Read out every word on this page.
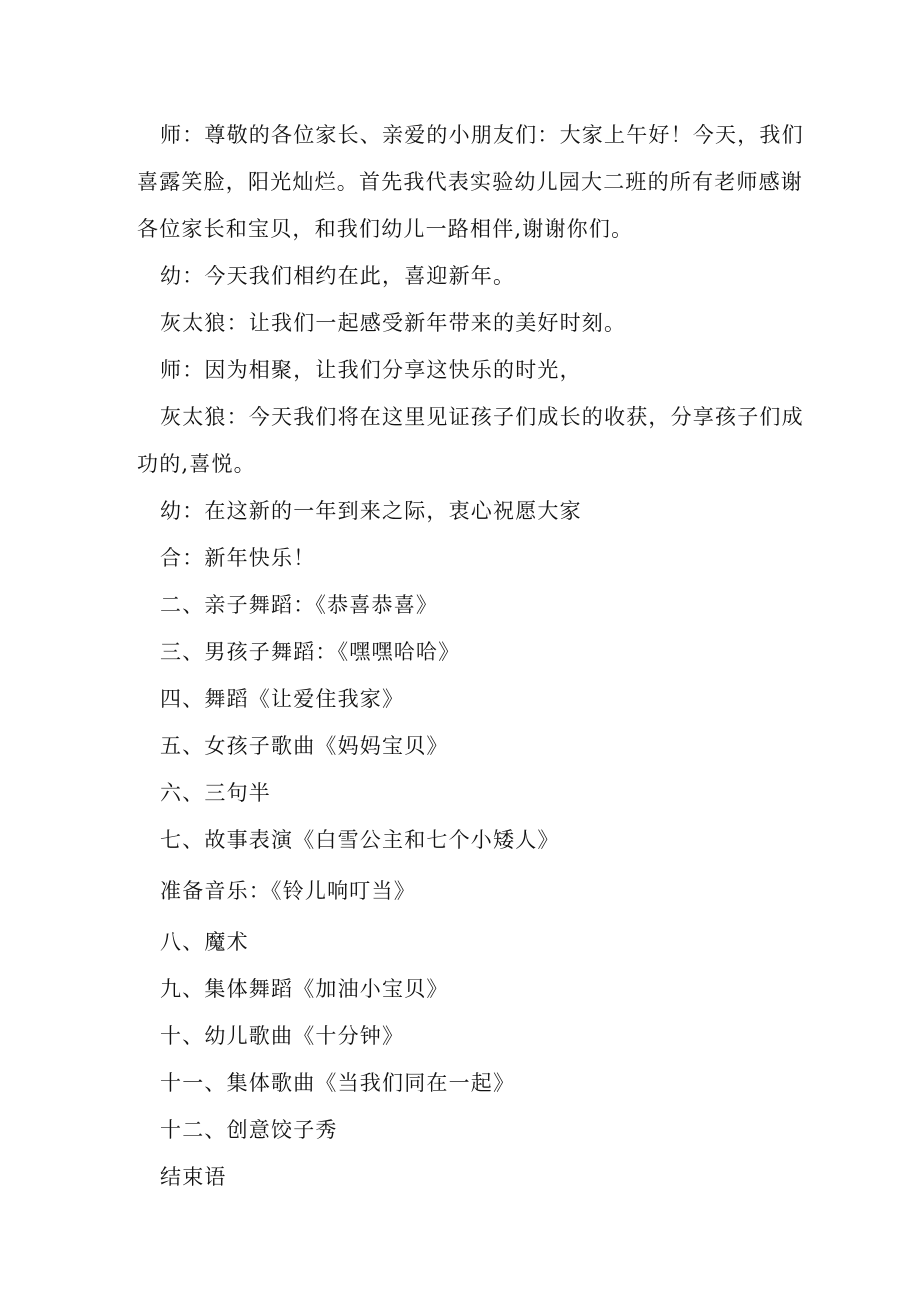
师：尊敬的各位家长、亲爱的小朋友们：大家上午好！今天，我们
喜露笑脸，阳光灿烂。首先我代表实验幼儿园大二班的所有老师感谢
各位家长和宝贝，和我们幼儿一路相伴,谢谢你们。
幼：今天我们相约在此，喜迎新年。
灰太狼：让我们一起感受新年带来的美好时刻。
师：因为相聚，让我们分享这快乐的时光，
灰太狼：今天我们将在这里见证孩子们成长的收获，分享孩子们成
功的,喜悦。
幼：在这新的一年到来之际，衷心祝愿大家
合：新年快乐！
二、亲子舞蹈：《恭喜恭喜》
三、男孩子舞蹈：《嘿嘿哈哈》
四、舞蹈《让爱住我家》
五、女孩子歌曲《妈妈宝贝》
六、三句半
七、故事表演《白雪公主和七个小矮人》
准备音乐：《铃儿响叮当》
八、魔术
九、集体舞蹈《加油小宝贝》
十、幼儿歌曲《十分钟》
十一、集体歌曲《当我们同在一起》
十二、创意饺子秀
结束语
